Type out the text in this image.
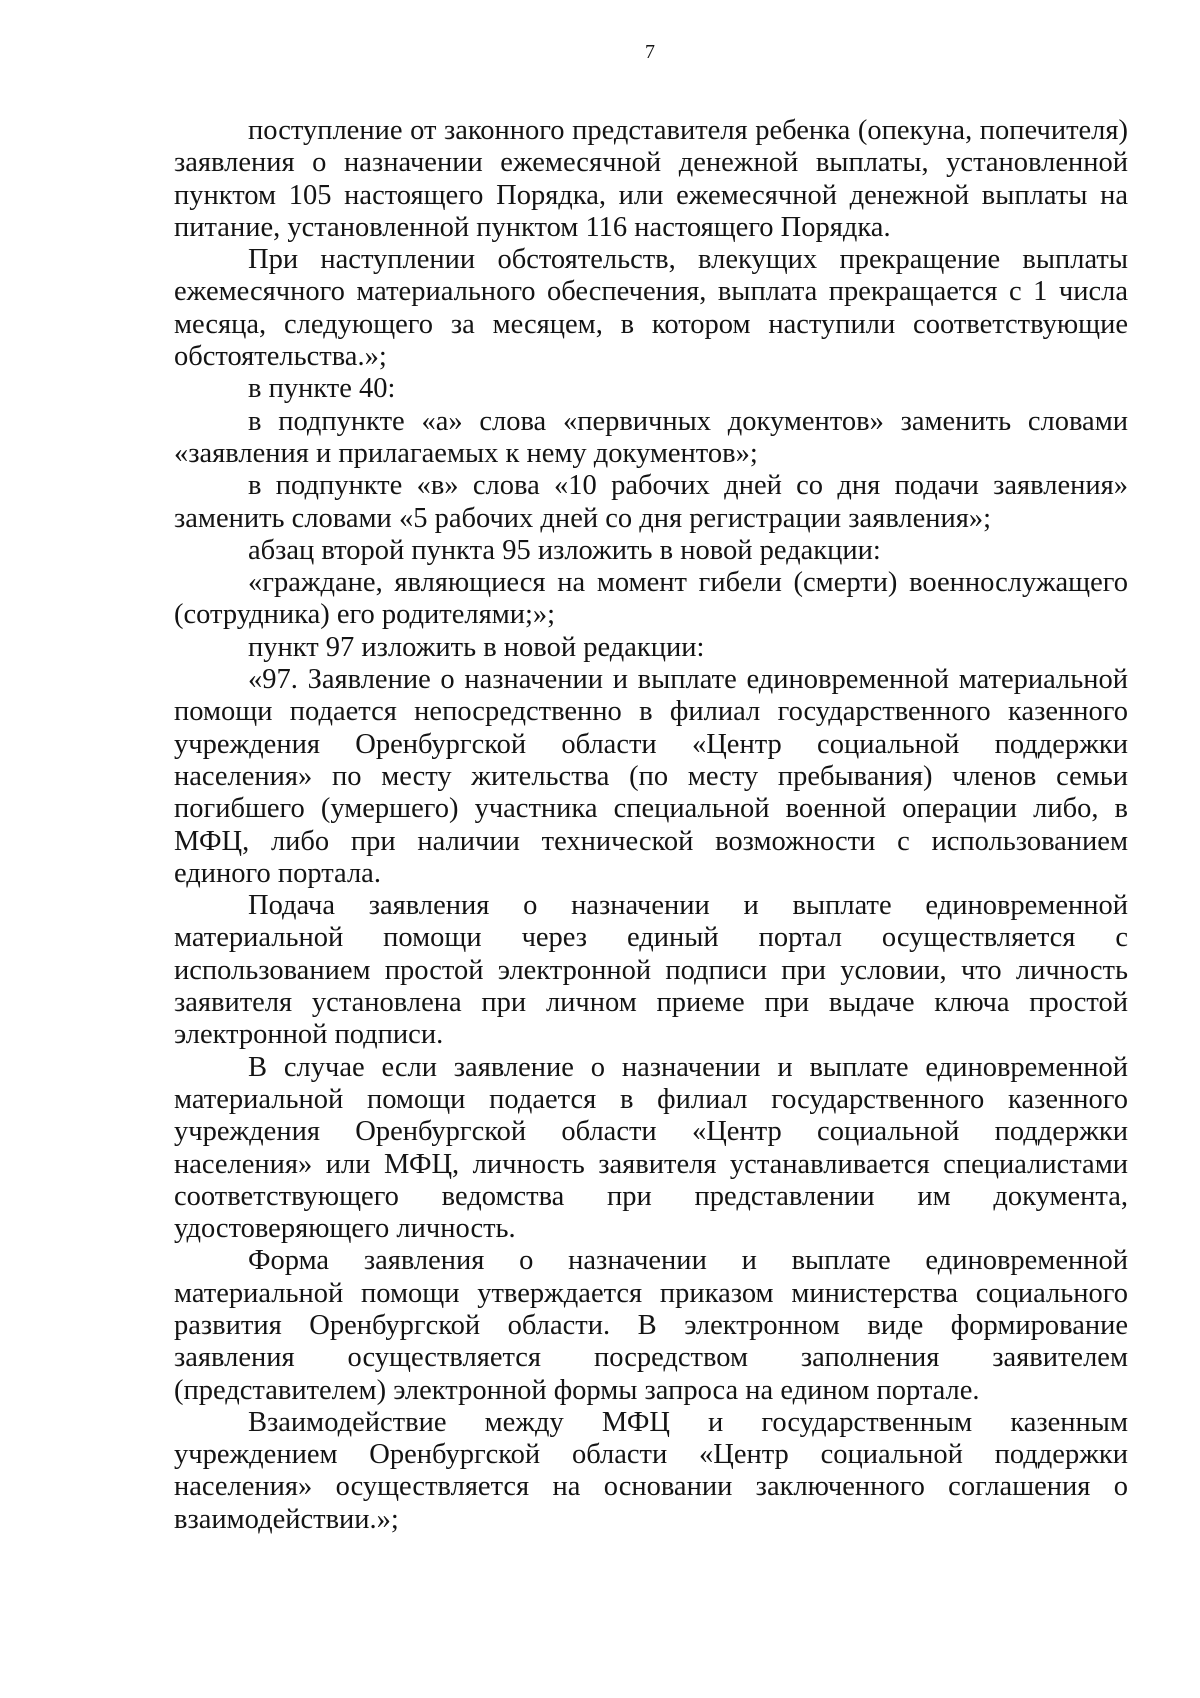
7

поступление от законного представителя ребенка (опекуна, попечителя) заявления о назначении ежемесячной денежной выплаты, установленной пунктом 105 настоящего Порядка, или ежемесячной денежной выплаты на питание, установленной пунктом 116 настоящего Порядка.

При наступлении обстоятельств, влекущих прекращение выплаты ежемесячного материального обеспечения, выплата прекращается с 1 числа месяца, следующего за месяцем, в котором наступили соответствующие обстоятельства.»;

в пункте 40:

в подпункте «а» слова «первичных документов» заменить словами «заявления и прилагаемых к нему документов»;

в подпункте «в» слова «10 рабочих дней со дня подачи заявления» заменить словами «5 рабочих дней со дня регистрации заявления»;

абзац второй пункта 95 изложить в новой редакции:

«граждане, являющиеся на момент гибели (смерти) военнослужащего (сотрудника) его родителями;»;

пункт 97 изложить в новой редакции:

«97. Заявление о назначении и выплате единовременной материальной помощи подается непосредственно в филиал государственного казенного учреждения Оренбургской области «Центр социальной поддержки населения» по месту жительства (по месту пребывания) членов семьи погибшего (умершего) участника специальной военной операции либо, в МФЦ, либо при наличии технической возможности с использованием единого портала.

Подача заявления о назначении и выплате единовременной материальной помощи через единый портал осуществляется с использованием простой электронной подписи при условии, что личность заявителя установлена при личном приеме при выдаче ключа простой электронной подписи.

В случае если заявление о назначении и выплате единовременной материальной помощи подается в филиал государственного казенного учреждения Оренбургской области «Центр социальной поддержки населения» или МФЦ, личность заявителя устанавливается специалистами соответствующего ведомства при представлении им документа, удостоверяющего личность.

Форма заявления о назначении и выплате единовременной материальной помощи утверждается приказом министерства социального развития Оренбургской области. В электронном виде формирование заявления осуществляется посредством заполнения заявителем (представителем) электронной формы запроса на едином портале.

Взаимодействие между МФЦ и государственным казенным учреждением Оренбургской области «Центр социальной поддержки населения» осуществляется на основании заключенного соглашения о взаимодействии.»;
